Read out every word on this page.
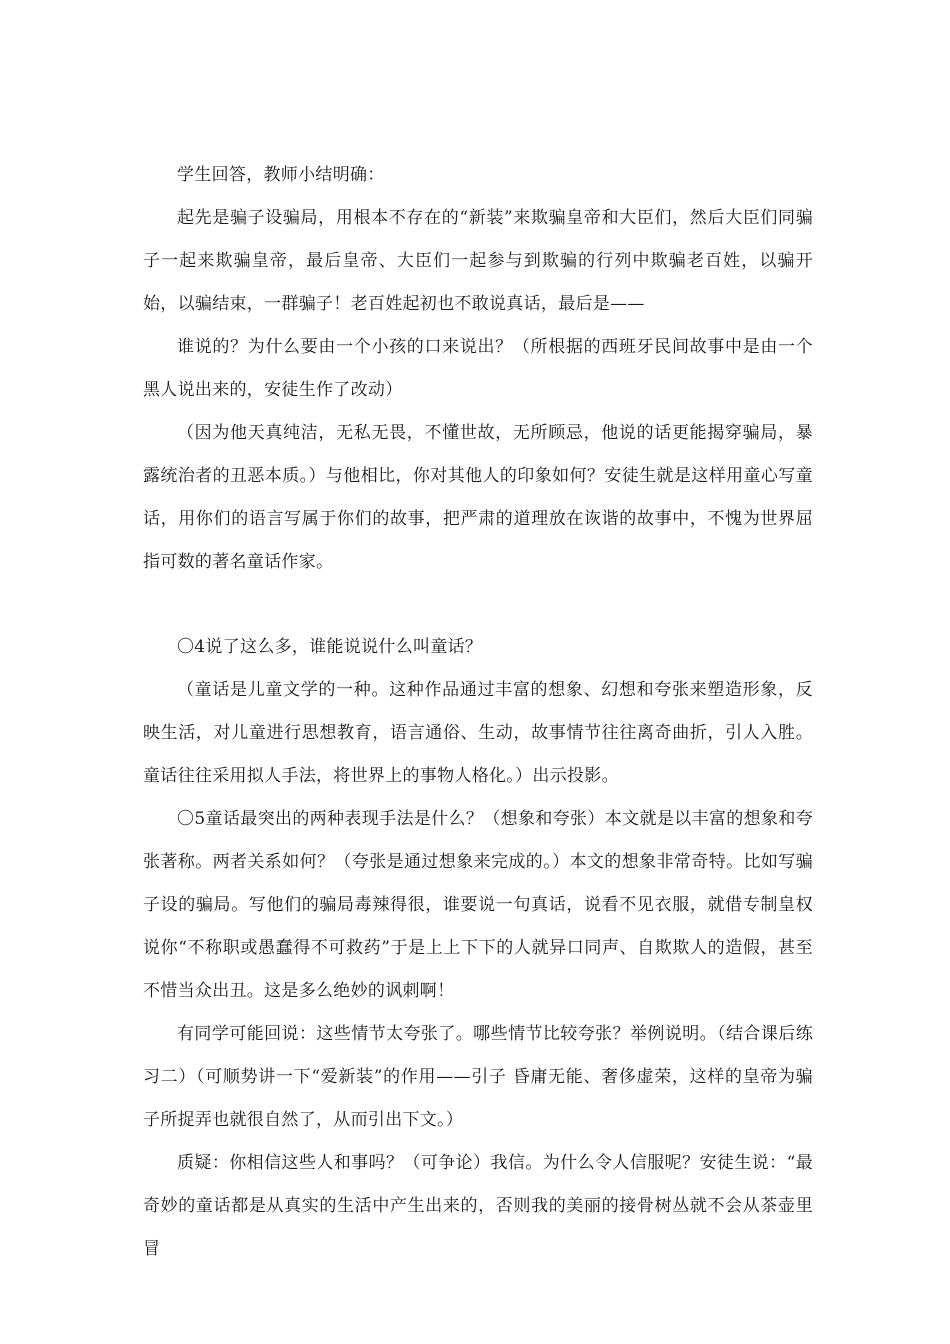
学生回答，教师小结明确：

起先是骗子设骗局，用根本不存在的“新装”来欺骗皇帝和大臣们，然后大臣们同骗子一起来欺骗皇帝，最后皇帝、大臣们一起参与到欺骗的行列中欺骗老百姓，以骗开始，以骗结束，一群骗子！老百姓起初也不敢说真话，最后是——

谁说的？为什么要由一个小孩的口来说出？（所根据的西班牙民间故事中是由一个黑人说出来的，安徒生作了改动）

（因为他天真纯洁，无私无畏，不懂世故，无所顾忌，他说的话更能揭穿骗局，暴露统治者的丑恶本质。）与他相比，你对其他人的印象如何？安徒生就是这样用童心写童话，用你们的语言写属于你们的故事，把严肃的道理放在诙谐的故事中，不愧为世界屈指可数的著名童话作家。

〇4说了这么多，谁能说说什么叫童话？

（童话是儿童文学的一种。这种作品通过丰富的想象、幻想和夸张来塑造形象，反映生活，对儿童进行思想教育，语言通俗、生动，故事情节往往离奇曲折，引人入胜。童话往往采用拟人手法，将世界上的事物人格化。）出示投影。

〇5童话最突出的两种表现手法是什么？（想象和夸张）本文就是以丰富的想象和夸张著称。两者关系如何？（夸张是通过想象来完成的。）本文的想象非常奇特。比如写骗子设的骗局。写他们的骗局毒辣得很，谁要说一句真话，说看不见衣服，就借专制皇权说你“不称职或愚蠢得不可救药”于是上上下下的人就异口同声、自欺欺人的造假，甚至不惜当众出丑。这是多么绝妙的讽刺啊！

有同学可能回说：这些情节太夸张了。哪些情节比较夸张？举例说明。（结合课后练习二）（可顺势讲一下“爱新装”的作用——引子 昏庸无能、奢侈虚荣，这样的皇帝为骗子所捉弄也就很自然了，从而引出下文。）

质疑：你相信这些人和事吗？（可争论）我信。为什么令人信服呢？安徒生说：“最奇妙的童话都是从真实的生活中产生出来的，否则我的美丽的接骨树丛就不会从茶壶里冒
